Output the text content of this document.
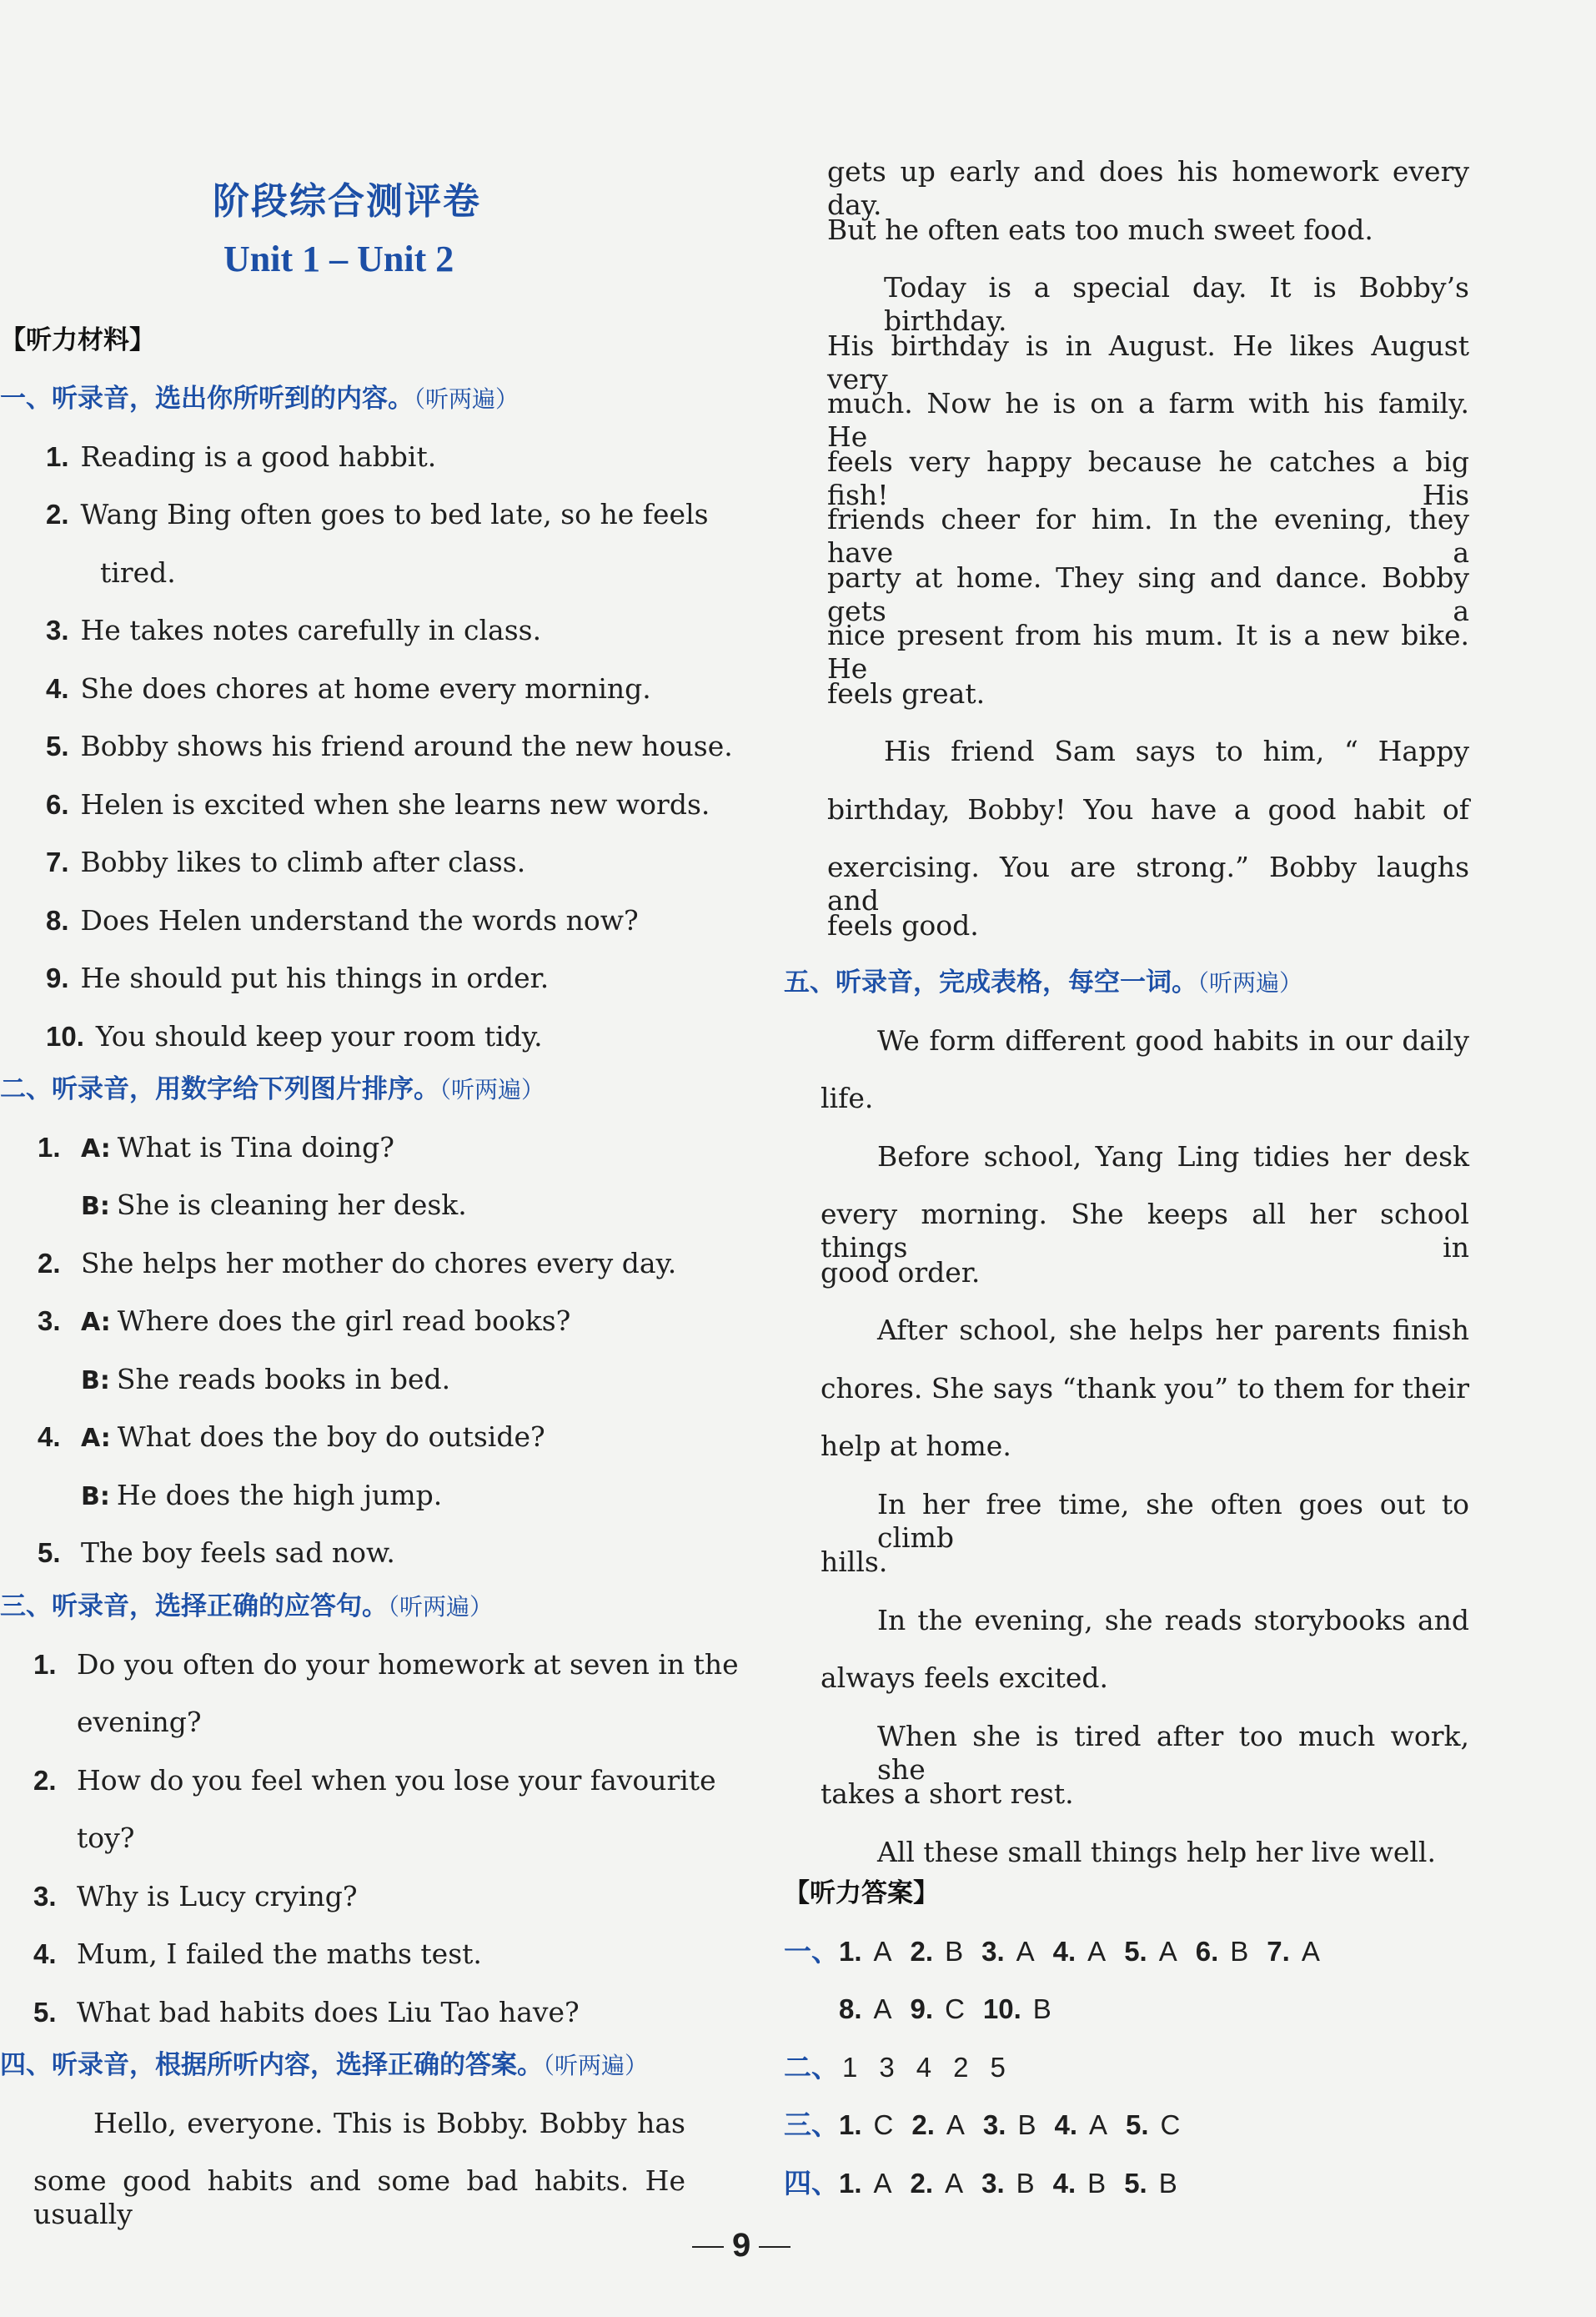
阶段综合测评卷
Unit 1 – Unit 2
【听力材料】
一、听录音，选出你所听到的内容。（听两遍）
1. Reading is a good habbit.
2. Wang Bing often goes to bed late, so he feels
tired.
3. He takes notes carefully in class.
4. She does chores at home every morning.
5. Bobby shows his friend around the new house.
6. Helen is excited when she learns new words.
7. Bobby likes to climb after class.
8. Does Helen understand the words now?
9. He should put his things in order.
10. You should keep your room tidy.
二、听录音，用数字给下列图片排序。（听两遍）
1. A: What is Tina doing?
B: She is cleaning her desk.
2. She helps her mother do chores every day.
3. A: Where does the girl read books?
B: She reads books in bed.
4. A: What does the boy do outside?
B: He does the high jump.
5. The boy feels sad now.
三、听录音，选择正确的应答句。（听两遍）
1. Do you often do your homework at seven in the
evening?
2. How do you feel when you lose your favourite
toy?
3. Why is Lucy crying?
4. Mum, I failed the maths test.
5. What bad habits does Liu Tao have?
四、听录音，根据所听内容，选择正确的答案。（听两遍）
Hello, everyone. This is Bobby. Bobby has
some good habits and some bad habits. He usually
gets up early and does his homework every day.
But he often eats too much sweet food.
Today is a special day. It is Bobby’s birthday.
His birthday is in August. He likes August very
much. Now he is on a farm with his family. He
feels very happy because he catches a big fish! His
friends cheer for him. In the evening, they have a
party at home. They sing and dance. Bobby gets a
nice present from his mum. It is a new bike. He
feels great.
His friend Sam says to him, “ Happy
birthday, Bobby! You have a good habit of
exercising. You are strong.” Bobby laughs and
feels good.
五、听录音，完成表格，每空一词。（听两遍）
We form different good habits in our daily
life.
Before school, Yang Ling tidies her desk
every morning. She keeps all her school things in
good order.
After school, she helps her parents finish
chores. She says “thank you” to them for their
help at home.
In her free time, she often goes out to climb
hills.
In the evening, she reads storybooks and
always feels excited.
When she is tired after too much work, she
takes a short rest.
All these small things help her live well.
【听力答案】
一、1. A 2. B 3. A 4. A 5. A 6. B 7. A
8. A 9. C 10. B
二、 1 3 4 2 5
三、1. C 2. A 3. B 4. A 5. C
四、1. A 2. A 3. B 4. B 5. B
9
